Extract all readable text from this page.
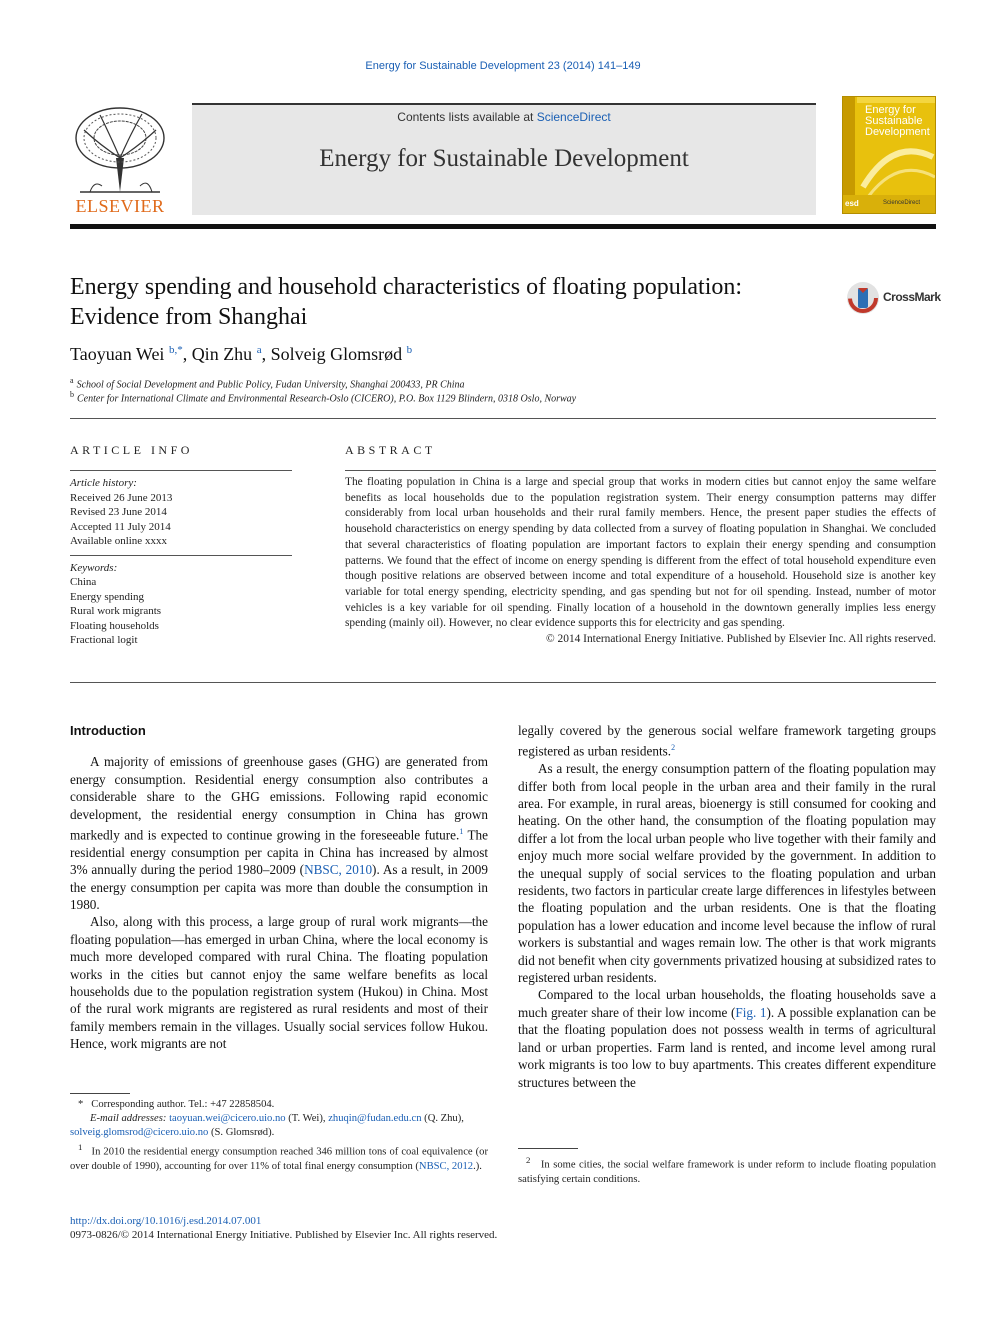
Energy for Sustainable Development 23 (2014) 141–149
ELSEVIER
Contents lists available at ScienceDirect
Energy for Sustainable Development
Energy for
Sustainable
Development
esd	ScienceDirect
Energy spending and household characteristics of floating population:
Evidence from Shanghai
CrossMark
Taoyuan Wei $^{b,*}$, Qin Zhu $^a$, Solveig Glomsrød $^b$
$^a$ School of Social Development and Public Policy, Fudan University, Shanghai 200433, PR China
$^b$ Center for International Climate and Environmental Research-Oslo (CICERO), P.O. Box 1129 Blindern, 0318 Oslo, Norway
ARTICLE INFO	ABSTRACT
Article history:
Received 26 June 2013
Revised 23 June 2014
Accepted 11 July 2014
Available online xxxx
Keywords:
China
Energy spending
Rural work migrants
Floating households
Fractional logit
The floating population in China is a large and special group that works in modern cities but cannot enjoy the same welfare benefits as local households due to the population registration system. Their energy consumption patterns may differ considerably from local urban households and their rural family members. Hence, the present paper studies the effects of household characteristics on energy spending by data collected from a survey of floating population in Shanghai. We concluded that several characteristics of floating population are important factors to explain their energy spending and consumption patterns. We found that the effect of income on energy spending is different from the effect of total household expenditure even though positive relations are observed between income and total expenditure of a household. Household size is another key variable for total energy spending, electricity spending, and gas spending but not for oil spending. Instead, number of motor vehicles is a key variable for oil spending. Finally location of a household in the downtown generally implies less energy spending (mainly oil). However, no clear evidence supports this for electricity and gas spending.
© 2014 International Energy Initiative. Published by Elsevier Inc. All rights reserved.
Introduction

A majority of emissions of greenhouse gases (GHG) are generated from energy consumption. Residential energy consumption also contributes a considerable share to the GHG emissions. Following rapid economic development, the residential energy consumption in China has grown markedly and is expected to continue growing in the foreseeable future.$^1$ The residential energy consumption per capita in China has increased by almost 3% annually during the period 1980–2009 (NBSC, 2010). As a result, in 2009 the energy consumption per capita was more than double the consumption in 1980.

Also, along with this process, a large group of rural work migrants—the floating population—has emerged in urban China, where the local economy is much more developed compared with rural China. The floating population works in the cities but cannot enjoy the same welfare benefits as local households due to the population registration system (Hukou) in China. Most of the rural work migrants are registered as rural residents and most of their family members remain in the villages. Usually social services follow Hukou. Hence, work migrants are not

legally covered by the generous social welfare framework targeting groups registered as urban residents.$^2$

As a result, the energy consumption pattern of the floating population may differ both from local people in the urban area and their family in the rural area. For example, in rural areas, bioenergy is still consumed for cooking and heating. On the other hand, the consumption of the floating population may differ a lot from the local urban people who live together with their family and enjoy much more social welfare provided by the government. In addition to the unequal supply of social services to the floating population and urban residents, two factors in particular create large differences in lifestyles between the floating population and the urban residents. One is that the floating population has a lower education and income level because the inflow of rural workers is substantial and wages remain low. The other is that work migrants did not benefit when city governments privatized housing at subsidized rates to registered urban residents.

Compared to the local urban households, the floating households save a much greater share of their low income (Fig. 1). A possible explanation can be that the floating population does not possess wealth in terms of agricultural land or urban properties. Farm land is rented, and income level among rural work migrants is too low to buy apartments. This creates different expenditure structures between the

* Corresponding author. Tel.: +47 22858504.
E-mail addresses: taoyuan.wei@cicero.uio.no (T. Wei), zhuqin@fudan.edu.cn (Q. Zhu),
solveig.glomsrod@cicero.uio.no (S. Glomsrød).
$^1$ In 2010 the residential energy consumption reached 346 million tons of coal equivalence (or over double of 1990), accounting for over 11% of total final energy consumption (NBSC, 2012.).
$^2$ In some cities, the social welfare framework is under reform to include floating population satisfying certain conditions.
http://dx.doi.org/10.1016/j.esd.2014.07.001
0973-0826/© 2014 International Energy Initiative. Published by Elsevier Inc. All rights reserved.
